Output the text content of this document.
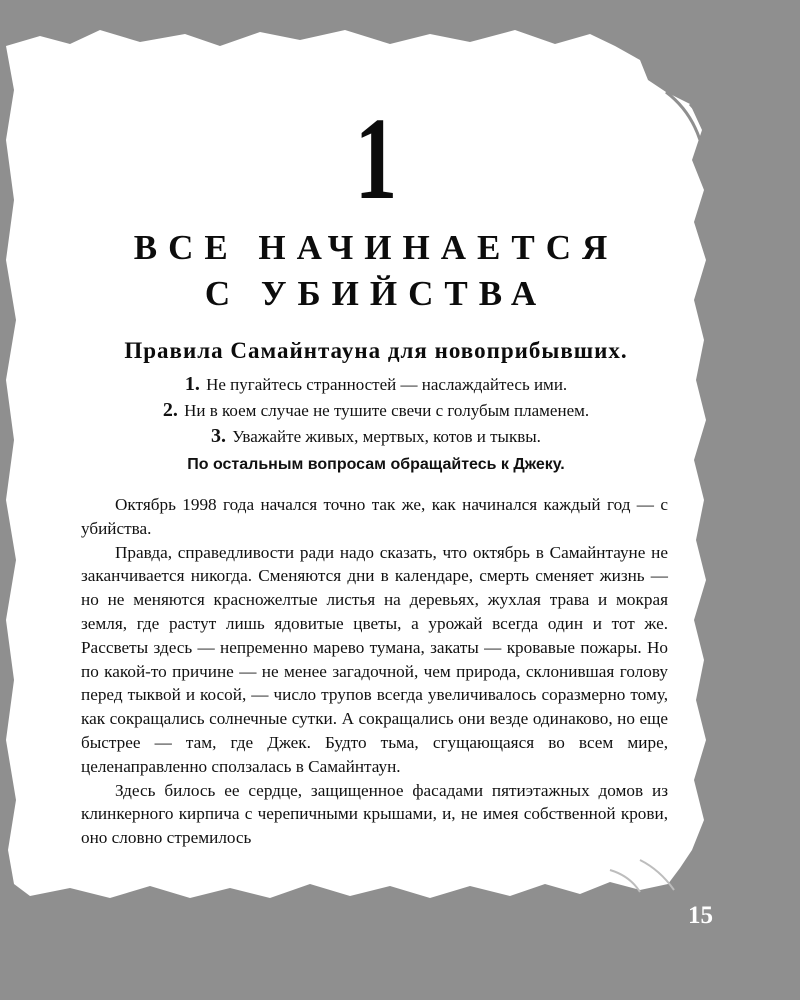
1
ВСЕ НАЧИНАЕТСЯ
С УБИЙСТВА
Правила Самайнтауна для новоприбывших.
1. Не пугайтесь странностей — наслаждайтесь ими.
2. Ни в коем случае не тушите свечи с голубым пламенем.
3. Уважайте живых, мертвых, котов и тыквы.
По остальным вопросам обращайтесь к Джеку.

Октябрь 1998 года начался точно так же, как начинался каждый год — с убийства.

Правда, справедливости ради надо сказать, что октябрь в Самайнтауне не заканчивается никогда. Сменяются дни в календаре, смерть сменяет жизнь — но не меняются красножелтые листья на деревьях, жухлая трава и мокрая земля, где растут лишь ядовитые цветы, а урожай всегда один и тот же. Рассветы здесь — непременно марево тумана, закаты — кровавые пожары. Но по какой-то причине — не менее загадочной, чем природа, склонившая голову перед тыквой и косой, — число трупов всегда увеличивалось соразмерно тому, как сокращались солнечные сутки. А сокращались они везде одинаково, но еще быстрее — там, где Джек. Будто тьма, сгущающаяся во всем мире, целенаправленно сползалась в Самайнтаун.

Здесь билось ее сердце, защищенное фасадами пятиэтажных домов из клинкерного кирпича с черепичными крышами, и, не имея собственной крови, оно словно стремилось

15
